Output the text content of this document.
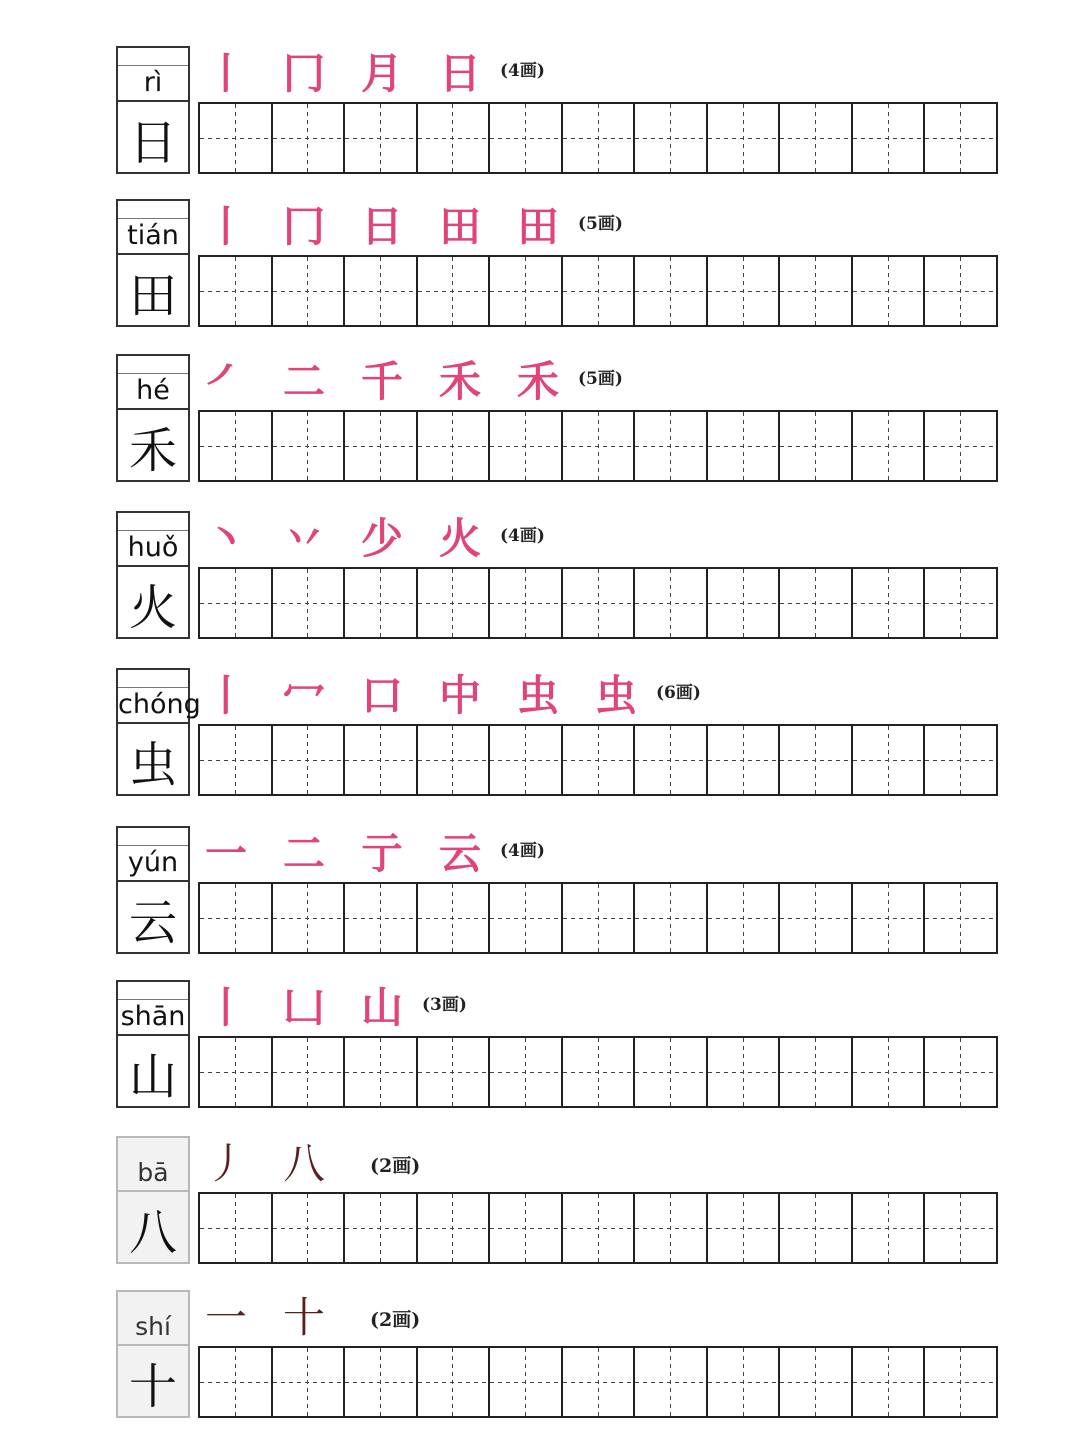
rì
日
丨 冂 月 日 (4画)
tián
田
丨 冂 日 田 田 (5画)
hé
禾
㇒ 二 千 禾 禾 (5画)
huǒ
火
丶 丷 少 火 (4画)
chóng
虫
丨 冖 口 中 虫 虫 (6画)
yún
云
一 二 亍 云 (4画)
shān
山
丨 凵 山 (3画)
bā
八
丿 八 (2画)
shí
十
一 十 (2画)
